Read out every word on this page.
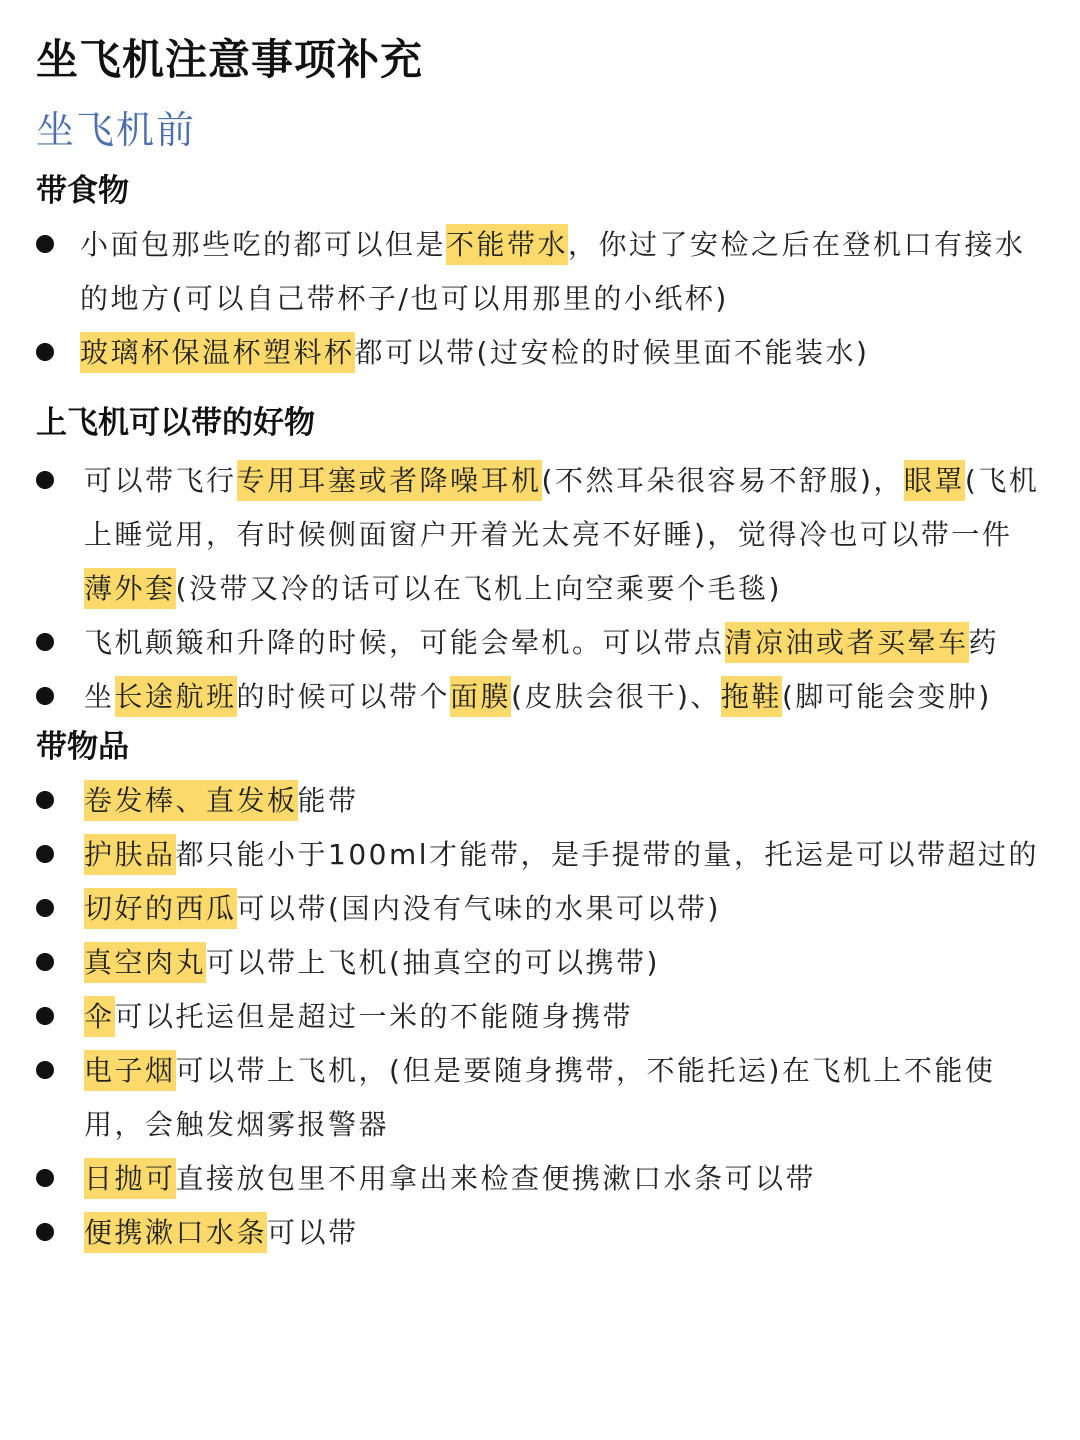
坐飞机注意事项补充
坐飞机前
带食物
小面包那些吃的都可以但是不能带水，你过了安检之后在登机口有接水的地方(可以自己带杯子/也可以用那里的小纸杯)
玻璃杯保温杯塑料杯都可以带(过安检的时候里面不能装水)
上飞机可以带的好物
可以带飞行专用耳塞或者降噪耳机(不然耳朵很容易不舒服)，眼罩(飞机上睡觉用，有时候侧面窗户开着光太亮不好睡)，觉得冷也可以带一件薄外套(没带又冷的话可以在飞机上向空乘要个毛毯)
飞机颠簸和升降的时候，可能会晕机。可以带点清凉油或者买晕车药
坐长途航班的时候可以带个面膜(皮肤会很干)、拖鞋(脚可能会变肿)
带物品
卷发棒、直发板能带
护肤品都只能小于100ml才能带，是手提带的量，托运是可以带超过的
切好的西瓜可以带(国内没有气味的水果可以带)
真空肉丸可以带上飞机(抽真空的可以携带)
伞可以托运但是超过一米的不能随身携带
电子烟可以带上飞机，(但是要随身携带，不能托运)在飞机上不能使用，会触发烟雾报警器
日抛可直接放包里不用拿出来检查便携漱口水条可以带
便携漱口水条可以带
